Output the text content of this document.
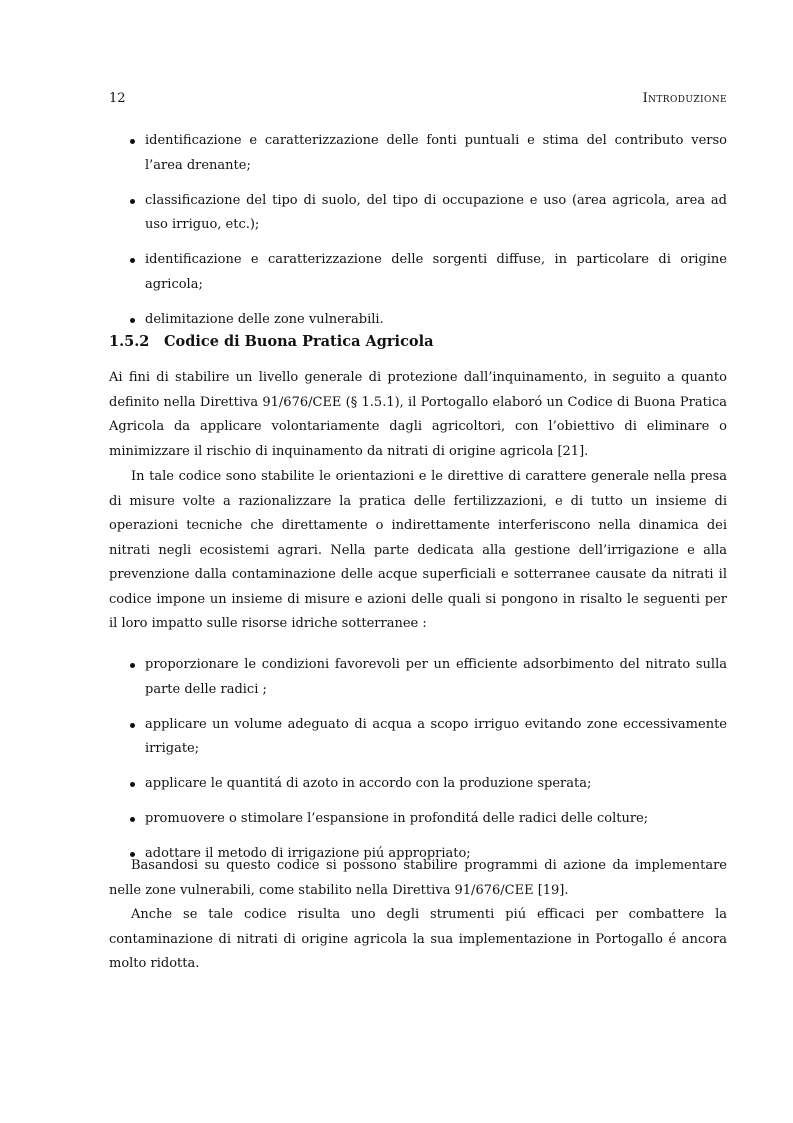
12	Introduzione
identificazione e caratterizzazione delle fonti puntuali e stima del contributo verso l’area drenante;
classificazione del tipo di suolo, del tipo di occupazione e uso (area agricola, area ad uso irriguo, etc.);
identificazione e caratterizzazione delle sorgenti diffuse, in particolare di origine agricola;
delimitazione delle zone vulnerabili.
1.5.2 Codice di Buona Pratica Agricola

Ai fini di stabilire un livello generale di protezione dall’inquinamento, in seguito a quanto definito nella Direttiva 91/676/CEE (§ 1.5.1), il Portogallo elaboró un Codice di Buona Pratica Agricola da applicare volontariamente dagli agricoltori, con l’obiettivo di eliminare o minimizzare il rischio di inquinamento da nitrati di origine agricola [21].

In tale codice sono stabilite le orientazioni e le direttive di carattere generale nella presa di misure volte a razionalizzare la pratica delle fertilizzazioni, e di tutto un insieme di operazioni tecniche che direttamente o indirettamente interferiscono nella dinamica dei nitrati negli ecosistemi agrari. Nella parte dedicata alla gestione dell’irrigazione e alla prevenzione dalla contaminazione delle acque superficiali e sotterranee causate da nitrati il codice impone un insieme di misure e azioni delle quali si pongono in risalto le seguenti per il loro impatto sulle risorse idriche sotterranee :

proporzionare le condizioni favorevoli per un efficiente adsorbimento del nitrato sulla parte delle radici ;
applicare un volume adeguato di acqua a scopo irriguo evitando zone eccessivamente irrigate;
applicare le quantitá di azoto in accordo con la produzione sperata;
promuovere o stimolare l’espansione in profonditá delle radici delle colture;
adottare il metodo di irrigazione piú appropriato;

Basandosi su questo codice si possono stabilire programmi di azione da implementare nelle zone vulnerabili, come stabilito nella Direttiva 91/676/CEE [19].

Anche se tale codice risulta uno degli strumenti piú efficaci per combattere la contaminazione di nitrati di origine agricola la sua implementazione in Portogallo é ancora molto ridotta.
